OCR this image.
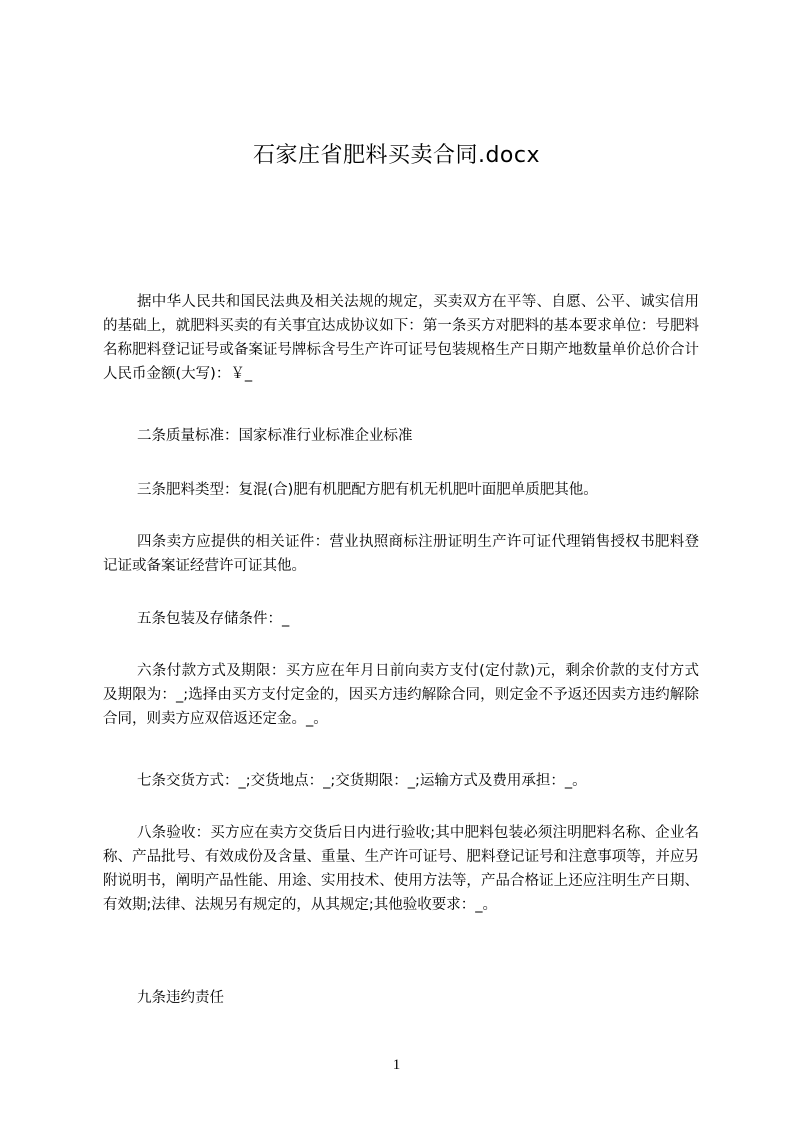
石家庄省肥料买卖合同.docx

据中华人民共和国民法典及相关法规的规定，买卖双方在平等、自愿、公平、诚实信用的基础上，就肥料买卖的有关事宜达成协议如下：第一条买方对肥料的基本要求单位：号肥料名称肥料登记证号或备案证号牌标含号生产许可证号包装规格生产日期产地数量单价总价合计人民币金额(大写)：￥_

二条质量标准：国家标准行业标准企业标准

三条肥料类型：复混(合)肥有机肥配方肥有机无机肥叶面肥单质肥其他。

四条卖方应提供的相关证件：营业执照商标注册证明生产许可证代理销售授权书肥料登记证或备案证经营许可证其他。

五条包装及存储条件：_

六条付款方式及期限：买方应在年月日前向卖方支付(定付款)元，剩余价款的支付方式及期限为：_;选择由买方支付定金的，因买方违约解除合同，则定金不予返还因卖方违约解除合同，则卖方应双倍返还定金。_。

七条交货方式：_;交货地点：_;交货期限：_;运输方式及费用承担：_。

八条验收：买方应在卖方交货后日内进行验收;其中肥料包装必须注明肥料名称、企业名称、产品批号、有效成份及含量、重量、生产许可证号、肥料登记证号和注意事项等，并应另附说明书，阐明产品性能、用途、实用技术、使用方法等，产品合格证上还应注明生产日期、有效期;法律、法规另有规定的，从其规定;其他验收要求：_。

九条违约责任

1
